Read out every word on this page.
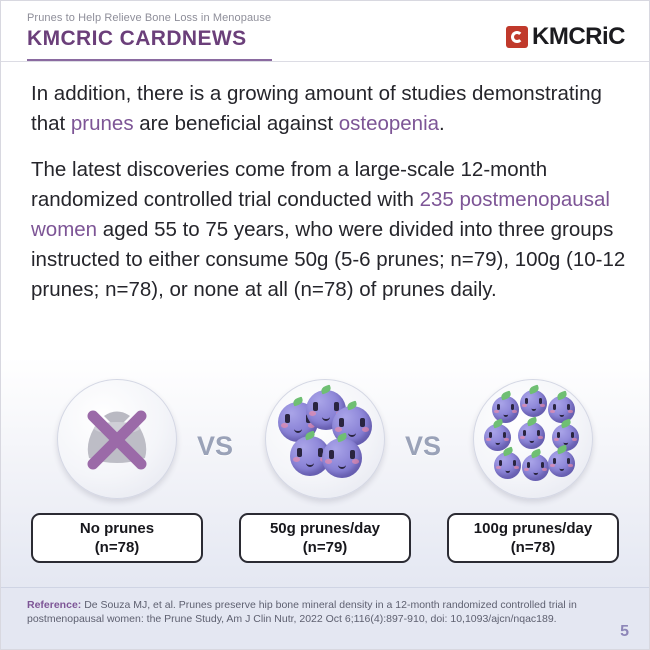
Prunes to Help Relieve Bone Loss in Menopause
KMCRIC CARDNEWS	KMCRiC

In addition, there is a growing amount of studies demonstrating that prunes are beneficial against osteopenia.

The latest discoveries come from a large-scale 12-month randomized controlled trial conducted with 235 postmenopausal women aged 55 to 75 years, who were divided into three groups instructed to either consume 50g (5-6 prunes; n=79), 100g (10-12 prunes; n=78), or none at all (n=78) of prunes daily.

No prunes
(n=78)
VS
50g prunes/day
(n=79)
VS
100g prunes/day
(n=78)
Reference: De Souza MJ, et al. Prunes preserve hip bone mineral density in a 12-month randomized controlled trial in postmenopausal women: the Prune Study, Am J Clin Nutr, 2022 Oct 6;116(4):897-910, doi: 10,1093/ajcn/nqac189.
5
